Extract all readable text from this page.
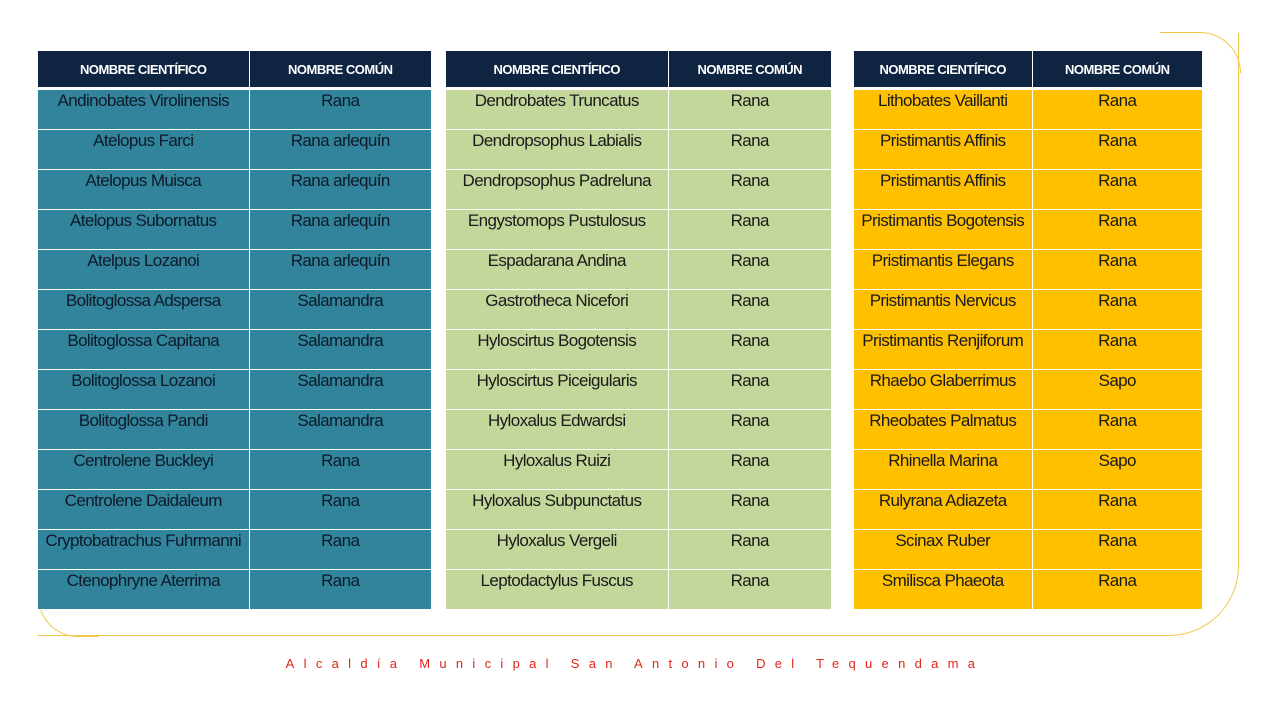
NOMBRE CIENTÍFICO	NOMBRE COMÚN
Andinobates Virolinensis	Rana
Atelopus Farci	Rana arlequín
Atelopus Muisca	Rana arlequín
Atelopus Subornatus	Rana arlequín
Atelpus Lozanoi	Rana arlequín
Bolitoglossa Adspersa	Salamandra
Bolitoglossa Capitana	Salamandra
Bolitoglossa Lozanoi	Salamandra
Bolitoglossa Pandi	Salamandra
Centrolene Buckleyi	Rana
Centrolene Daidaleum	Rana
Cryptobatrachus Fuhrmanni	Rana
Ctenophryne Aterrima	Rana
NOMBRE CIENTÍFICO	NOMBRE COMÚN
Dendrobates Truncatus	Rana
Dendropsophus Labialis	Rana
Dendropsophus Padreluna	Rana
Engystomops Pustulosus	Rana
Espadarana Andina	Rana
Gastrotheca Nicefori	Rana
Hyloscirtus Bogotensis	Rana
Hyloscirtus Piceigularis	Rana
Hyloxalus Edwardsi	Rana
Hyloxalus Ruizi	Rana
Hyloxalus Subpunctatus	Rana
Hyloxalus Vergeli	Rana
Leptodactylus Fuscus	Rana
NOMBRE CIENTÍFICO	NOMBRE COMÚN
Lithobates Vaillanti	Rana
Pristimantis Affinis	Rana
Pristimantis Affinis	Rana
Pristimantis Bogotensis	Rana
Pristimantis Elegans	Rana
Pristimantis Nervicus	Rana
Pristimantis Renjiforum	Rana
Rhaebo Glaberrimus	Sapo
Rheobates Palmatus	Rana
Rhinella Marina	Sapo
Rulyrana Adiazeta	Rana
Scinax Ruber	Rana
Smilisca Phaeota	Rana
Alcaldía Municipal San Antonio Del Tequendama
